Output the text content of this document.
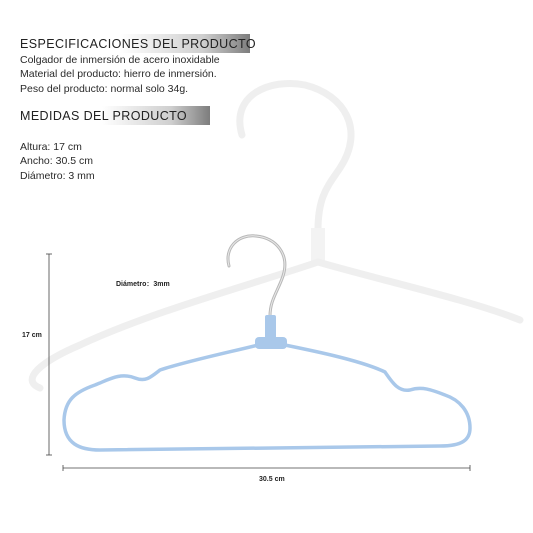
ESPECIFICACIONES DEL PRODUCTO
Colgador de inmersión de acero inoxidable
Material del producto: hierro de inmersión.
Peso del producto: normal solo 34g.
MEDIDAS DEL PRODUCTO
Altura: 17 cm
Ancho: 30.5 cm
Diámetro: 3 mm
Diámetro：3mm
17 cm
30.5 cm
